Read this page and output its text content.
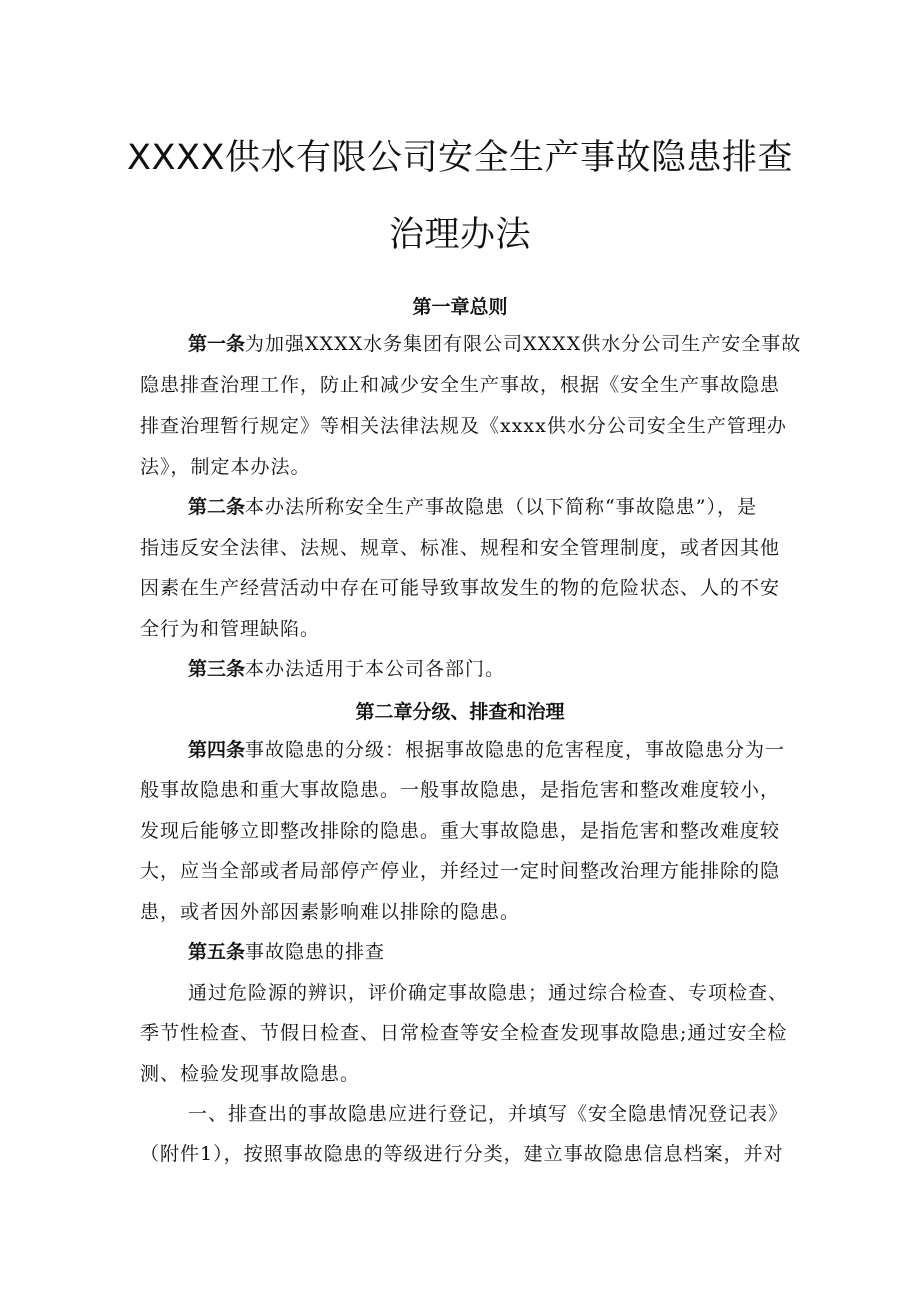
XXXX供水有限公司安全生产事故隐患排查
治理办法
第一章总则
第一条为加强XXXX水务集团有限公司XXXX供水分公司生产安全事故
隐患排查治理工作，防止和减少安全生产事故，根据《安全生产事故隐患
排查治理暂行规定》等相关法律法规及《xxxx供水分公司安全生产管理办
法》，制定本办法。
第二条本办法所称安全生产事故隐患（以下简称“事故隐患”），是
指违反安全法律、法规、规章、标准、规程和安全管理制度，或者因其他
因素在生产经营活动中存在可能导致事故发生的物的危险状态、人的不安
全行为和管理缺陷。
第三条本办法适用于本公司各部门。
第二章分级、排查和治理
第四条事故隐患的分级：根据事故隐患的危害程度，事故隐患分为一
般事故隐患和重大事故隐患。一般事故隐患，是指危害和整改难度较小，
发现后能够立即整改排除的隐患。重大事故隐患，是指危害和整改难度较
大，应当全部或者局部停产停业，并经过一定时间整改治理方能排除的隐
患，或者因外部因素影响难以排除的隐患。
第五条事故隐患的排查
通过危险源的辨识，评价确定事故隐患；通过综合检查、专项检查、
季节性检查、节假日检查、日常检查等安全检查发现事故隐患;通过安全检
测、检验发现事故隐患。
一、排查出的事故隐患应进行登记，并填写《安全隐患情况登记表》
（附件1），按照事故隐患的等级进行分类，建立事故隐患信息档案，并对
